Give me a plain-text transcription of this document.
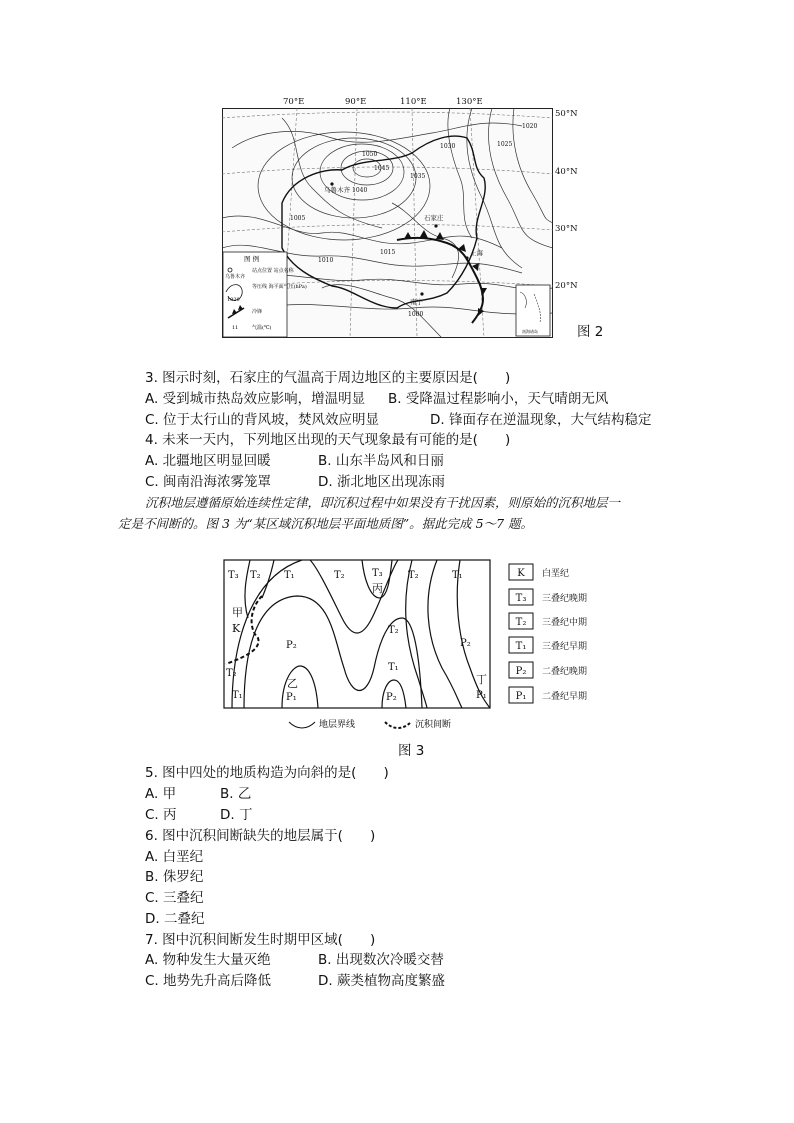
乌鲁木齐
石家庄
上海
南宁
1020
1025
1030
1035
1040
1045
1050
1015
1010
1005
1000
图 例
乌鲁木齐
站点位置 站点名称
1020
等压线 海平面气压(hPa)
冷锋
11	气温(℃)
南海诸岛
70°E	90°E	110°E	130°E
50°N
40°N
30°N
20°N
图 2
3. 图示时刻，石家庄的气温高于周边地区的主要原因是(　　)
A. 受到城市热岛效应影响，增温明显 B. 受降温过程影响小，天气晴朗无风
C. 位于太行山的背风坡，焚风效应明显	D. 锋面存在逆温现象，大气结构稳定
4. 未来一天内，下列地区出现的天气现象最有可能的是(　　)
A. 北疆地区明显回暖	B. 山东半岛风和日丽
C. 闽南沿海浓雾笼罩	D. 浙北地区出现冻雨
沉积地层遵循原始连续性定律，即沉积过程中如果没有干扰因素，则原始的沉积地层一
定是不间断的。图 3 为“某区域沉积地层平面地质图”。据此完成 5～7 题。
T₃ T₂ T₁	T₂	T₃	T₂	T₁
T₂
P₂
T₁
P₂
T₂
T₁	P₁	P₂	P₁
甲
K
乙
丙
丁
K
T₃
T₂
T₁
P₂
P₁
白垩纪
三叠纪晚期
三叠纪中期
三叠纪早期
二叠纪晚期
二叠纪早期
地层界线	沉积间断
图 3
5. 图中四处的地质构造为向斜的是(　　)
A. 甲	B. 乙
C. 丙	D. 丁
6. 图中沉积间断缺失的地层属于(　　)
A. 白垩纪
B. 侏罗纪
C. 三叠纪
D. 二叠纪
7. 图中沉积间断发生时期甲区域(　　)
A. 物种发生大量灭绝	B. 出现数次冷暖交替
C. 地势先升高后降低	D. 蕨类植物高度繁盛
